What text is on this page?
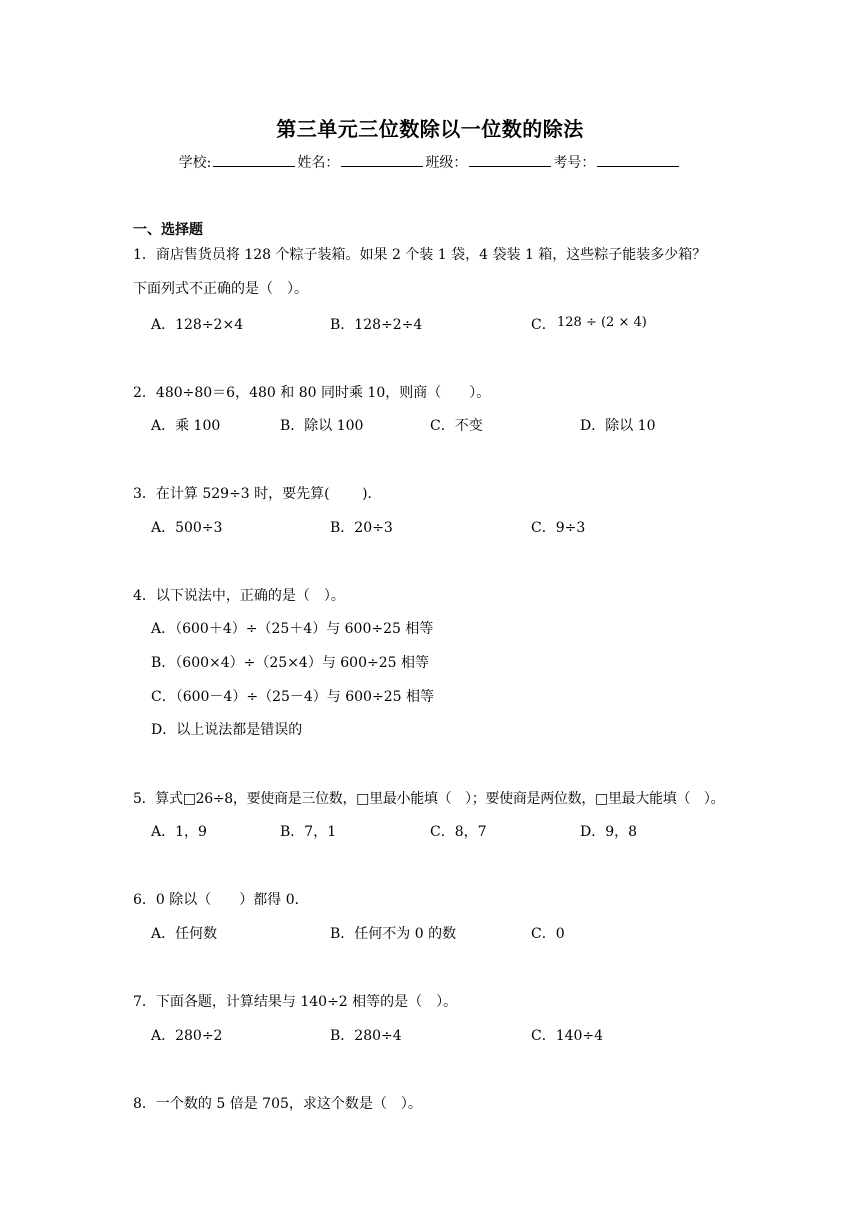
第三单元三位数除以一位数的除法
学校:	姓名：	班级：	考号：
一、选择题
1．商店售货员将 128 个粽子装箱。如果 2 个装 1 袋，4 袋装 1 箱，这些粽子能装多少箱？
下面列式不正确的是（　）。
A．128÷2×4	B．128÷2÷4	C． 128 ÷ (2 × 4)
2．480÷80＝6，480 和 80 同时乘 10，则商（　　）。
A．乘 100	B．除以 100	C．不变	D．除以 10
3．在计算 529÷3 时，要先算(　　 )．
A．500÷3	B．20÷3	C．9÷3
4．以下说法中，正确的是（　）。
A．（600＋4）÷（25＋4）与 600÷25 相等
B．（600×4）÷（25×4）与 600÷25 相等
C．（600－4）÷（25－4）与 600÷25 相等
D．以上说法都是错误的
5．算式□26÷8，要使商是三位数，□里最小能填（　）；要使商是两位数，□里最大能填（　）。
A．1，9	B．7，1	C．8，7	D．9，8
6．0 除以（　　）都得 0．
A．任何数	B．任何不为 0 的数	C．0
7．下面各题，计算结果与 140÷2 相等的是（　）。
A．280÷2	B．280÷4	C．140÷4
8．一个数的 5 倍是 705，求这个数是（　）。
